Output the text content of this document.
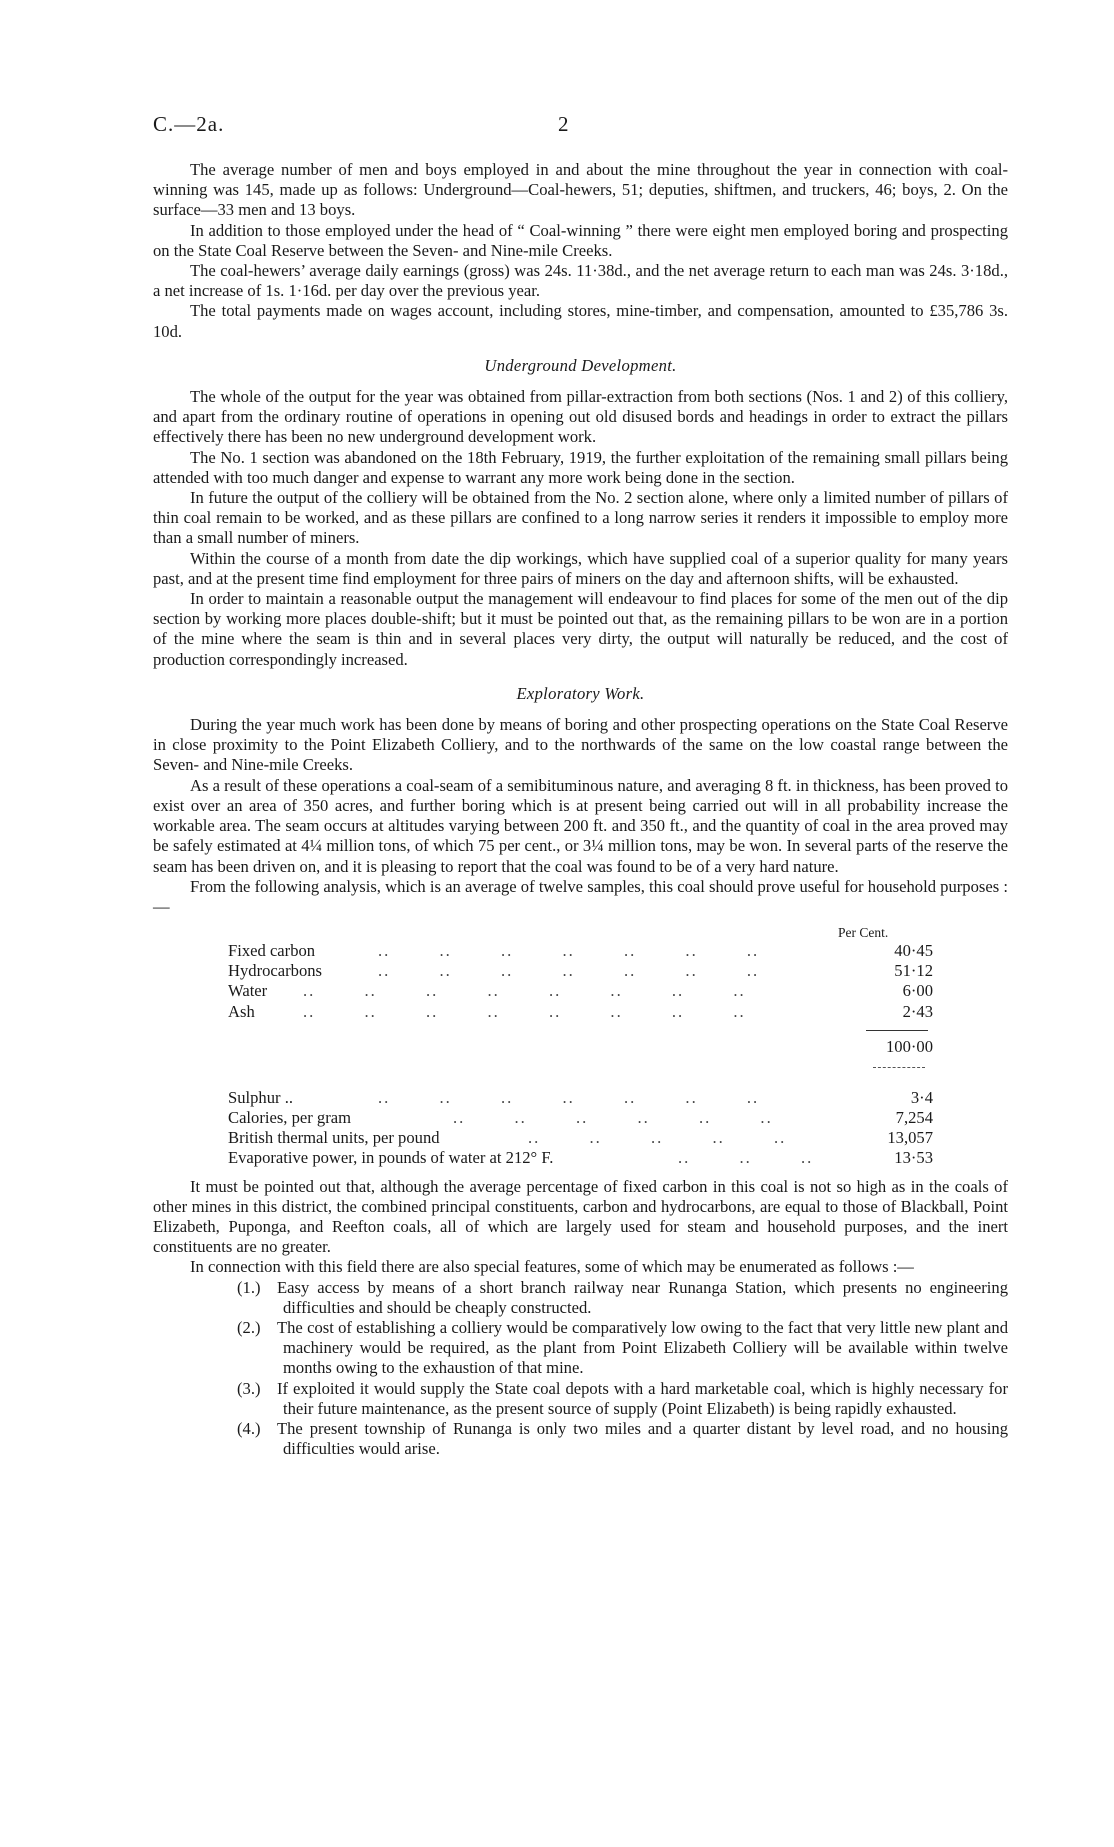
C.—2a.	2

The average number of men and boys employed in and about the mine throughout the year in connection with coal-winning was 145, made up as follows: Underground—Coal-hewers, 51; deputies, shiftmen, and truckers, 46; boys, 2. On the surface—33 men and 13 boys.

In addition to those employed under the head of “ Coal-winning ” there were eight men employed boring and prospecting on the State Coal Reserve between the Seven- and Nine-mile Creeks.

The coal-hewers’ average daily earnings (gross) was 24s. 11·38d., and the net average return to each man was 24s. 3·18d., a net increase of 1s. 1·16d. per day over the previous year.

The total payments made on wages account, including stores, mine-timber, and compensation, amounted to £35,786 3s. 10d.

Underground Development.

The whole of the output for the year was obtained from pillar-extraction from both sections (Nos. 1 and 2) of this colliery, and apart from the ordinary routine of operations in opening out old disused bords and headings in order to extract the pillars effectively there has been no new underground development work.

The No. 1 section was abandoned on the 18th February, 1919, the further exploitation of the remaining small pillars being attended with too much danger and expense to warrant any more work being done in the section.

In future the output of the colliery will be obtained from the No. 2 section alone, where only a limited number of pillars of thin coal remain to be worked, and as these pillars are confined to a long narrow series it renders it impossible to employ more than a small number of miners.

Within the course of a month from date the dip workings, which have supplied coal of a superior quality for many years past, and at the present time find employment for three pairs of miners on the day and afternoon shifts, will be exhausted.

In order to maintain a reasonable output the management will endeavour to find places for some of the men out of the dip section by working more places double-shift; but it must be pointed out that, as the remaining pillars to be won are in a portion of the mine where the seam is thin and in several places very dirty, the output will naturally be reduced, and the cost of production correspondingly increased.

Exploratory Work.

During the year much work has been done by means of boring and other prospecting operations on the State Coal Reserve in close proximity to the Point Elizabeth Colliery, and to the northwards of the same on the low coastal range between the Seven- and Nine-mile Creeks.

As a result of these operations a coal-seam of a semibituminous nature, and averaging 8 ft. in thickness, has been proved to exist over an area of 350 acres, and further boring which is at present being carried out will in all probability increase the workable area. The seam occurs at altitudes varying between 200 ft. and 350 ft., and the quantity of coal in the area proved may be safely estimated at 4¼ million tons, of which 75 per cent., or 3¼ million tons, may be won. In several parts of the reserve the seam has been driven on, and it is pleasing to report that the coal was found to be of a very hard nature.

From the following analysis, which is an average of twelve samples, this coal should prove useful for household purposes :—

Per Cent.
Fixed carbon	..        ..        ..        ..        ..        ..        ..	40·45
Hydrocarbons	..        ..        ..        ..        ..        ..        ..	51·12
Water ..        ..        ..        ..        ..        ..        ..        ..	6·00
Ash	..        ..        ..        ..        ..        ..        ..        ..	2·43
100·00
Sulphur ..	..        ..        ..        ..        ..        ..        ..	3·4
Calories, per gram	..        ..        ..        ..        ..        ..	7,254
British thermal units, per pound	..        ..        ..        ..        ..	13,057
Evaporative power, in pounds of water at 212° F.	..        ..        ..	13·53

It must be pointed out that, although the average percentage of fixed carbon in this coal is not so high as in the coals of other mines in this district, the combined principal constituents, carbon and hydrocarbons, are equal to those of Blackball, Point Elizabeth, Puponga, and Reefton coals, all of which are largely used for steam and household purposes, and the inert constituents are no greater.

In connection with this field there are also special features, some of which may be enumerated as follows :—

(1.) Easy access by means of a short branch railway near Runanga Station, which presents no engineering difficulties and should be cheaply constructed.
(2.) The cost of establishing a colliery would be comparatively low owing to the fact that very little new plant and machinery would be required, as the plant from Point Elizabeth Colliery will be available within twelve months owing to the exhaustion of that mine.
(3.) If exploited it would supply the State coal depots with a hard marketable coal, which is highly necessary for their future maintenance, as the present source of supply (Point Elizabeth) is being rapidly exhausted.
(4.) The present township of Runanga is only two miles and a quarter distant by level road, and no housing difficulties would arise.
